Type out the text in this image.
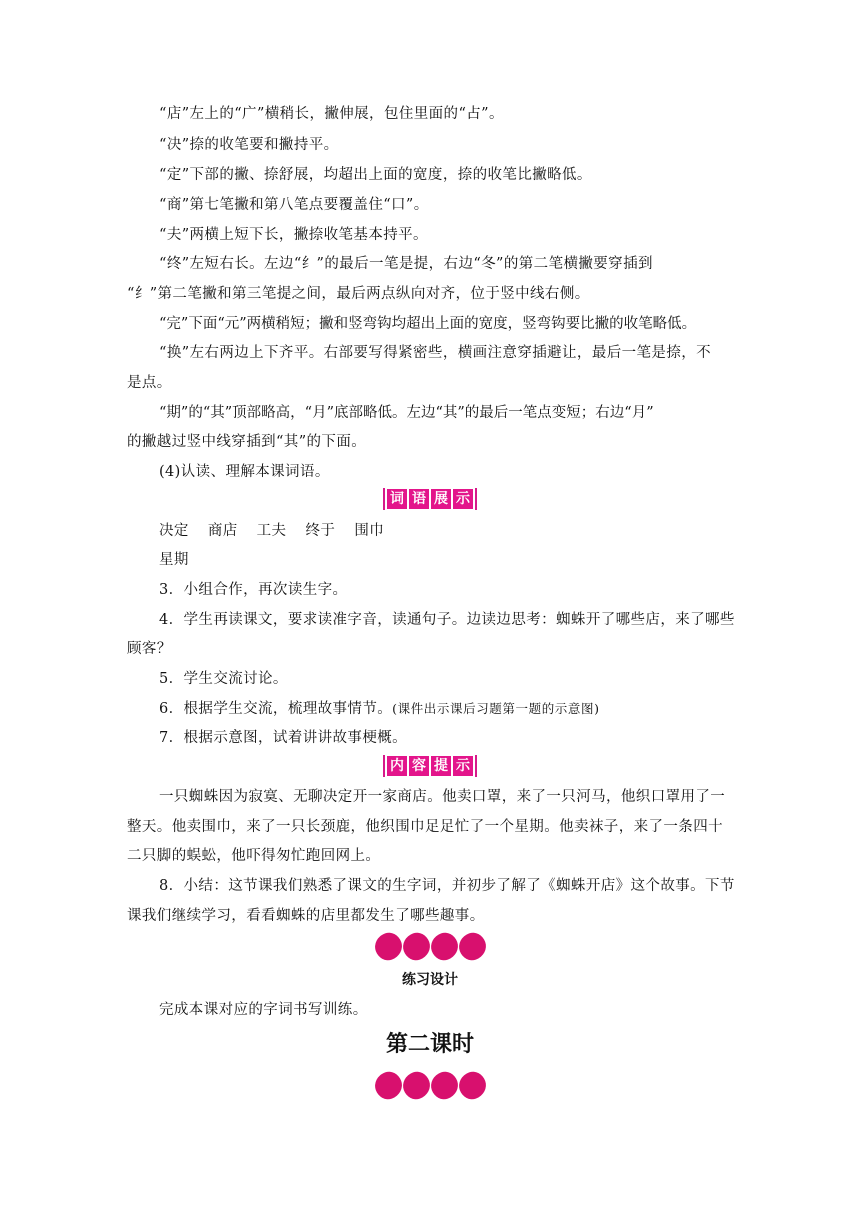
“店”左上的“广”横稍长，撇伸展，包住里面的“占”。
“决”捺的收笔要和撇持平。
“定”下部的撇、捺舒展，均超出上面的宽度，捺的收笔比撇略低。
“商”第七笔撇和第八笔点要覆盖住“口”。
“夫”两横上短下长，撇捺收笔基本持平。
“终”左短右长。左边“纟”的最后一笔是提，右边“冬”的第二笔横撇要穿插到
“纟”第二笔撇和第三笔提之间，最后两点纵向对齐，位于竖中线右侧。
“完”下面“元”两横稍短；撇和竖弯钩均超出上面的宽度，竖弯钩要比撇的收笔略低。
“换”左右两边上下齐平。右部要写得紧密些，横画注意穿插避让，最后一笔是捺，不
是点。
“期”的“其”顶部略高，“月”底部略低。左边“其”的最后一笔点变短；右边“月”
的撇越过竖中线穿插到“其”的下面。
(4)认读、理解本课词语。
词 语 展 示
决定 商店 工夫 终于 围巾
星期
3．小组合作，再次读生字。
4．学生再读课文，要求读准字音，读通句子。边读边思考：蜘蛛开了哪些店，来了哪些
顾客？
5．学生交流讨论。
6．根据学生交流，梳理故事情节。(课件出示课后习题第一题的示意图)
7．根据示意图，试着讲讲故事梗概。
内 容 提 示
一只蜘蛛因为寂寞、无聊决定开一家商店。他卖口罩，来了一只河马，他织口罩用了一
整天。他卖围巾，来了一只长颈鹿，他织围巾足足忙了一个星期。他卖袜子，来了一条四十
二只脚的蜈蚣，他吓得匆忙跑回网上。
8．小结：这节课我们熟悉了课文的生字词，并初步了解了《蜘蛛开店》这个故事。下节
课我们继续学习，看看蜘蛛的店里都发生了哪些趣事。
练习设计
完成本课对应的字词书写训练。
第二课时
